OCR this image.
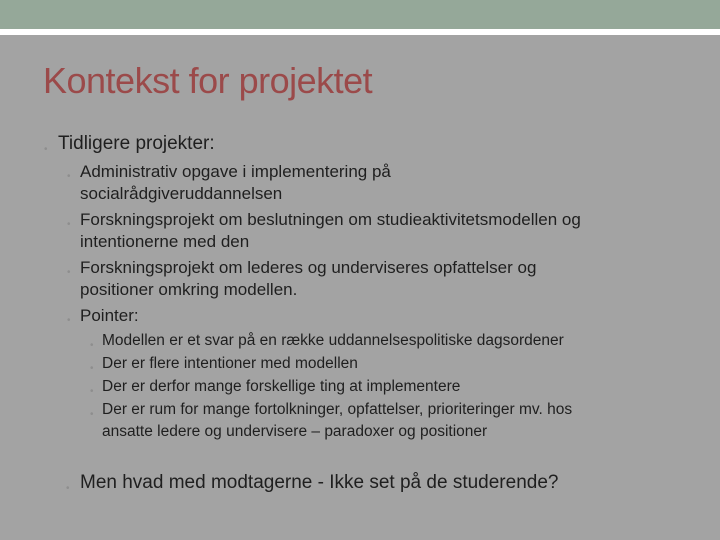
Kontekst for projektet
• Tidligere projekter:
• Administrativ opgave i implementering på
socialrådgiveruddannelsen
• Forskningsprojekt om beslutningen om studieaktivitetsmodellen og
intentionerne med den
• Forskningsprojekt om lederes og underviseres opfattelser og
positioner omkring modellen.
• Pointer:
• Modellen er et svar på en række uddannelsespolitiske dagsordener
• Der er flere intentioner med modellen
• Der er derfor mange forskellige ting at implementere
• Der er rum for mange fortolkninger, opfattelser, prioriteringer mv. hos
ansatte ledere og undervisere – paradoxer og positioner
• Men hvad med modtagerne - Ikke set på de studerende?
